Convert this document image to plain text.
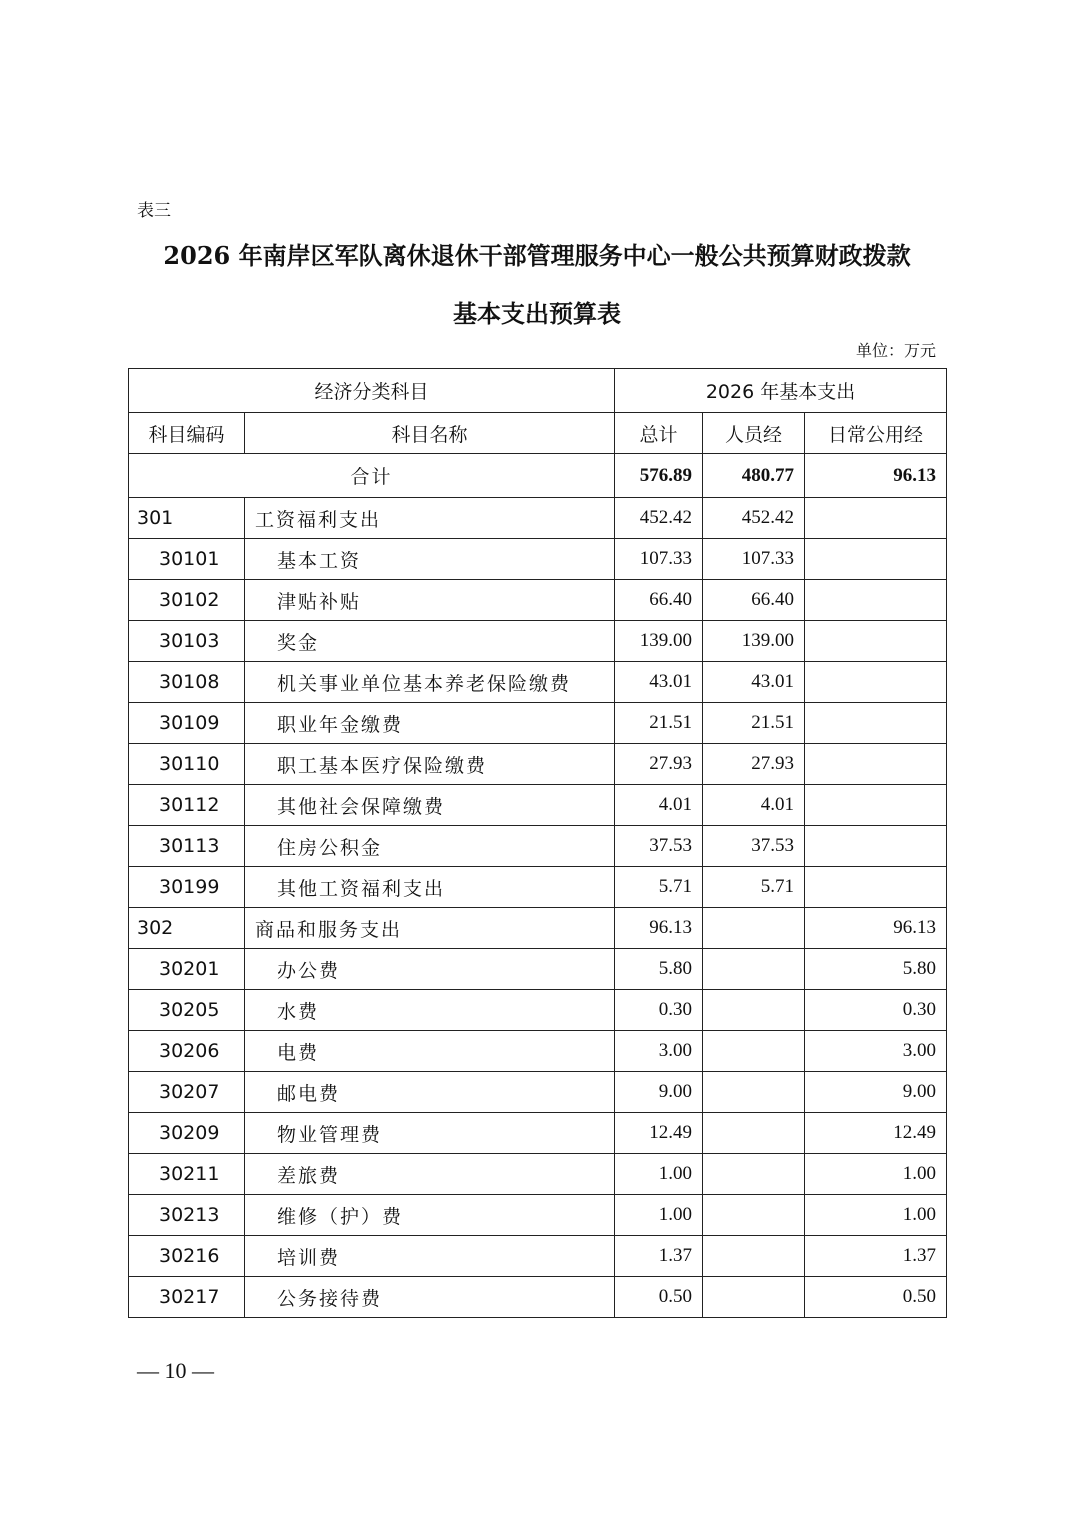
表三
2026 年南岸区军队离休退休干部管理服务中心一般公共预算财政拨款
基本支出预算表
单位：万元
经济分类科目		2026 年基本支出		
科目编码	科目名称	总计	人员经	日常公用经
合计		576.89	480.77	96.13
301	工资福利支出	452.42	452.42	
30101	基本工资	107.33	107.33	
30102	津贴补贴	66.40	66.40	
30103	奖金	139.00	139.00	
30108	机关事业单位基本养老保险缴费	43.01	43.01	
30109	职业年金缴费	21.51	21.51	
30110	职工基本医疗保险缴费	27.93	27.93	
30112	其他社会保障缴费	4.01	4.01	
30113	住房公积金	37.53	37.53	
30199	其他工资福利支出	5.71	5.71	
302	商品和服务支出	96.13		96.13
30201	办公费	5.80		5.80
30205	水费	0.30		0.30
30206	电费	3.00		3.00
30207	邮电费	9.00		9.00
30209	物业管理费	12.49		12.49
30211	差旅费	1.00		1.00
30213	维修（护）费	1.00		1.00
30216	培训费	1.37		1.37
30217	公务接待费	0.50		0.50
— 10 —
